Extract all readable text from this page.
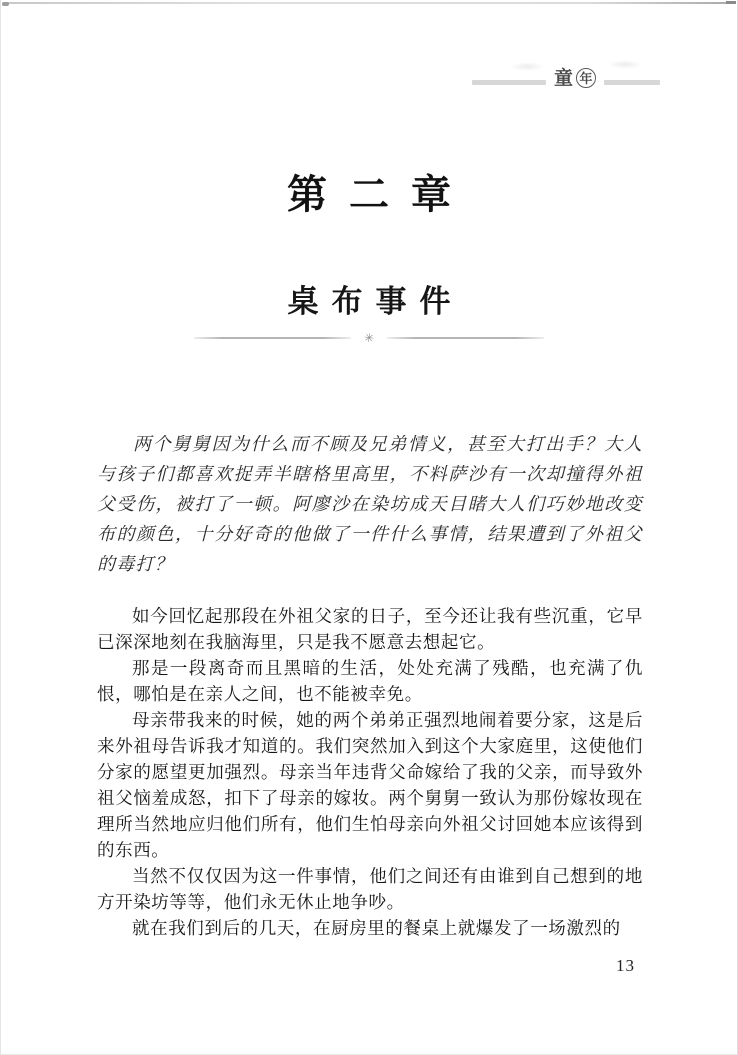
童 年
第二章
桌布事件
✳

两个舅舅因为什么而不顾及兄弟情义，甚至大打出手？大人与孩子们都喜欢捉弄半瞎格里高里，不料萨沙有一次却撞得外祖父受伤，被打了一顿。阿廖沙在染坊成天目睹大人们巧妙地改变布的颜色，十分好奇的他做了一件什么事情，结果遭到了外祖父的毒打？

如今回忆起那段在外祖父家的日子，至今还让我有些沉重，它早已深深地刻在我脑海里，只是我不愿意去想起它。

那是一段离奇而且黑暗的生活，处处充满了残酷，也充满了仇恨，哪怕是在亲人之间，也不能被幸免。

母亲带我来的时候，她的两个弟弟正强烈地闹着要分家，这是后来外祖母告诉我才知道的。我们突然加入到这个大家庭里，这使他们分家的愿望更加强烈。母亲当年违背父命嫁给了我的父亲，而导致外祖父恼羞成怒，扣下了母亲的嫁妆。两个舅舅一致认为那份嫁妆现在理所当然地应归他们所有，他们生怕母亲向外祖父讨回她本应该得到的东西。

当然不仅仅因为这一件事情，他们之间还有由谁到自己想到的地方开染坊等等，他们永无休止地争吵。

就在我们到后的几天，在厨房里的餐桌上就爆发了一场激烈的

13
